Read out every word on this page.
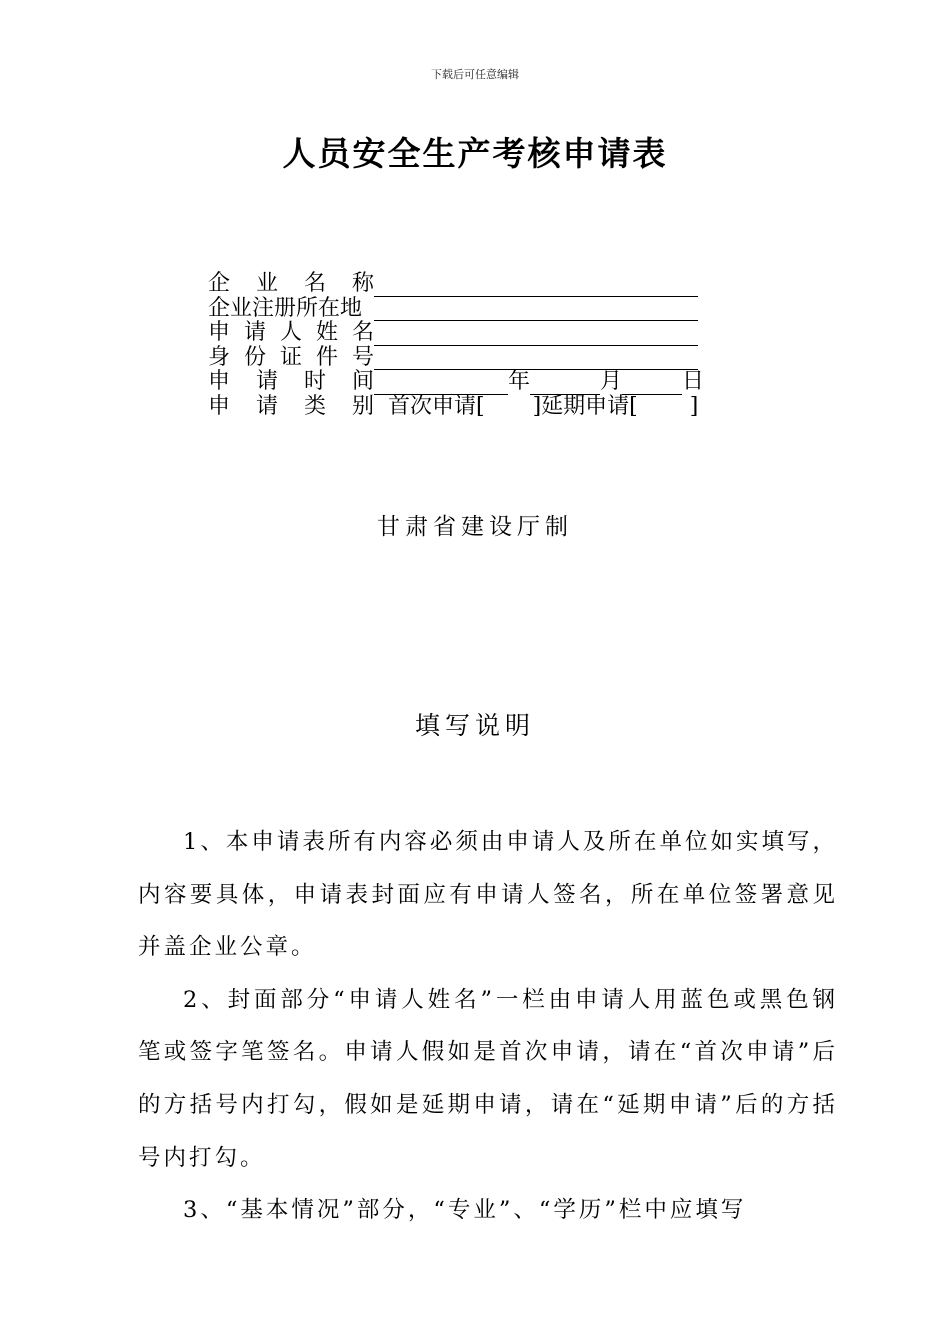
下载后可任意编辑
人员安全生产考核申请表
企 业 名 称
企业注册所在地
申 请 人 姓 名
身 份 证 件 号
申 请 时 间	年	月	日
申 请 类 别 首次申请[ ]延期申请[ ]
甘肃省建设厅制
填写说明

1、本申请表所有内容必须由申请人及所在单位如实填写，内容要具体，申请表封面应有申请人签名，所在单位签署意见并盖企业公章。

2、封面部分“申请人姓名”一栏由申请人用蓝色或黑色钢笔或签字笔签名。申请人假如是首次申请，请在“首次申请”后的方括号内打勾，假如是延期申请，请在“延期申请”后的方括号内打勾。

3、“基本情况”部分，“专业”、“学历”栏中应填写
